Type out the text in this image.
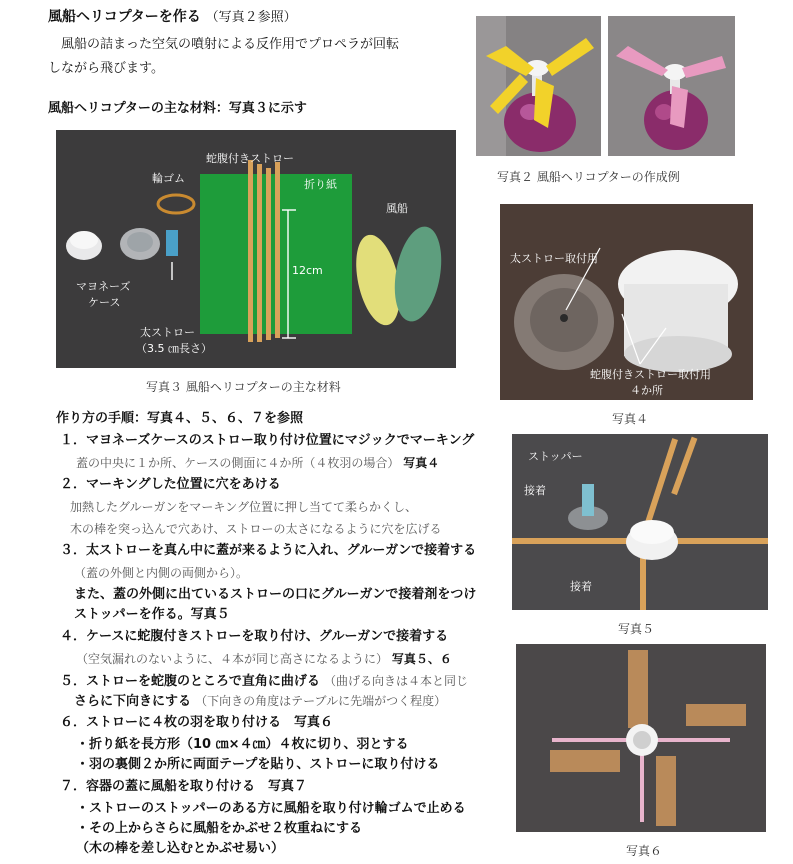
風船ヘリコプターを作る （写真２参照）
　風船の詰まった空気の噴射による反作用でプロペラが回転
しながら飛びます。
風船ヘリコプターの主な材料：写真３に示す
写真２ 風船ヘリコプターの作成例
輪ゴム
蛇腹付きストロー
折り紙
風船
マヨネーズ
ケース
12cm
太ストロー
（3.5 ㎝長さ）
写真３ 風船ヘリコプターの主な材料
太ストロー取付用
蛇腹付きストロー取付用
４か所
写真４
ストッパー
接着
接着
写真５
写真６
作り方の手順：写真４、５、６、７を参照
１．マヨネーズケースのストロー取り付け位置にマジックでマーキング
蓋の中央に１か所、ケースの側面に４か所（４枚羽の場合） 写真４
２．マーキングした位置に穴をあける
加熱したグルーガンをマーキング位置に押し当てて柔らかくし、
木の棒を突っ込んで穴あけ、ストローの太さになるように穴を広げる
３．太ストローを真ん中に蓋が来るように入れ、グルーガンで接着する
（蓋の外側と内側の両側から）。
また、蓋の外側に出ているストローの口にグルーガンで接着剤をつけ
ストッパーを作る。写真５
４．ケースに蛇腹付きストローを取り付け、グルーガンで接着する
（空気漏れのないように、４本が同じ高さになるように） 写真５、６
５．ストローを蛇腹のところで直角に曲げる （曲げる向きは４本と同じ
さらに下向きにする （下向きの角度はテーブルに先端がつく程度）
６．ストローに４枚の羽を取り付ける　写真６
・折り紙を長方形（10 ㎝×４㎝）４枚に切り、羽とする
・羽の裏側２か所に両面テープを貼り、ストローに取り付ける
７．容器の蓋に風船を取り付ける　写真７
・ストローのストッパーのある方に風船を取り付け輪ゴムで止める
・その上からさらに風船をかぶせ２枚重ねにする
（木の棒を差し込むとかぶせ易い）
